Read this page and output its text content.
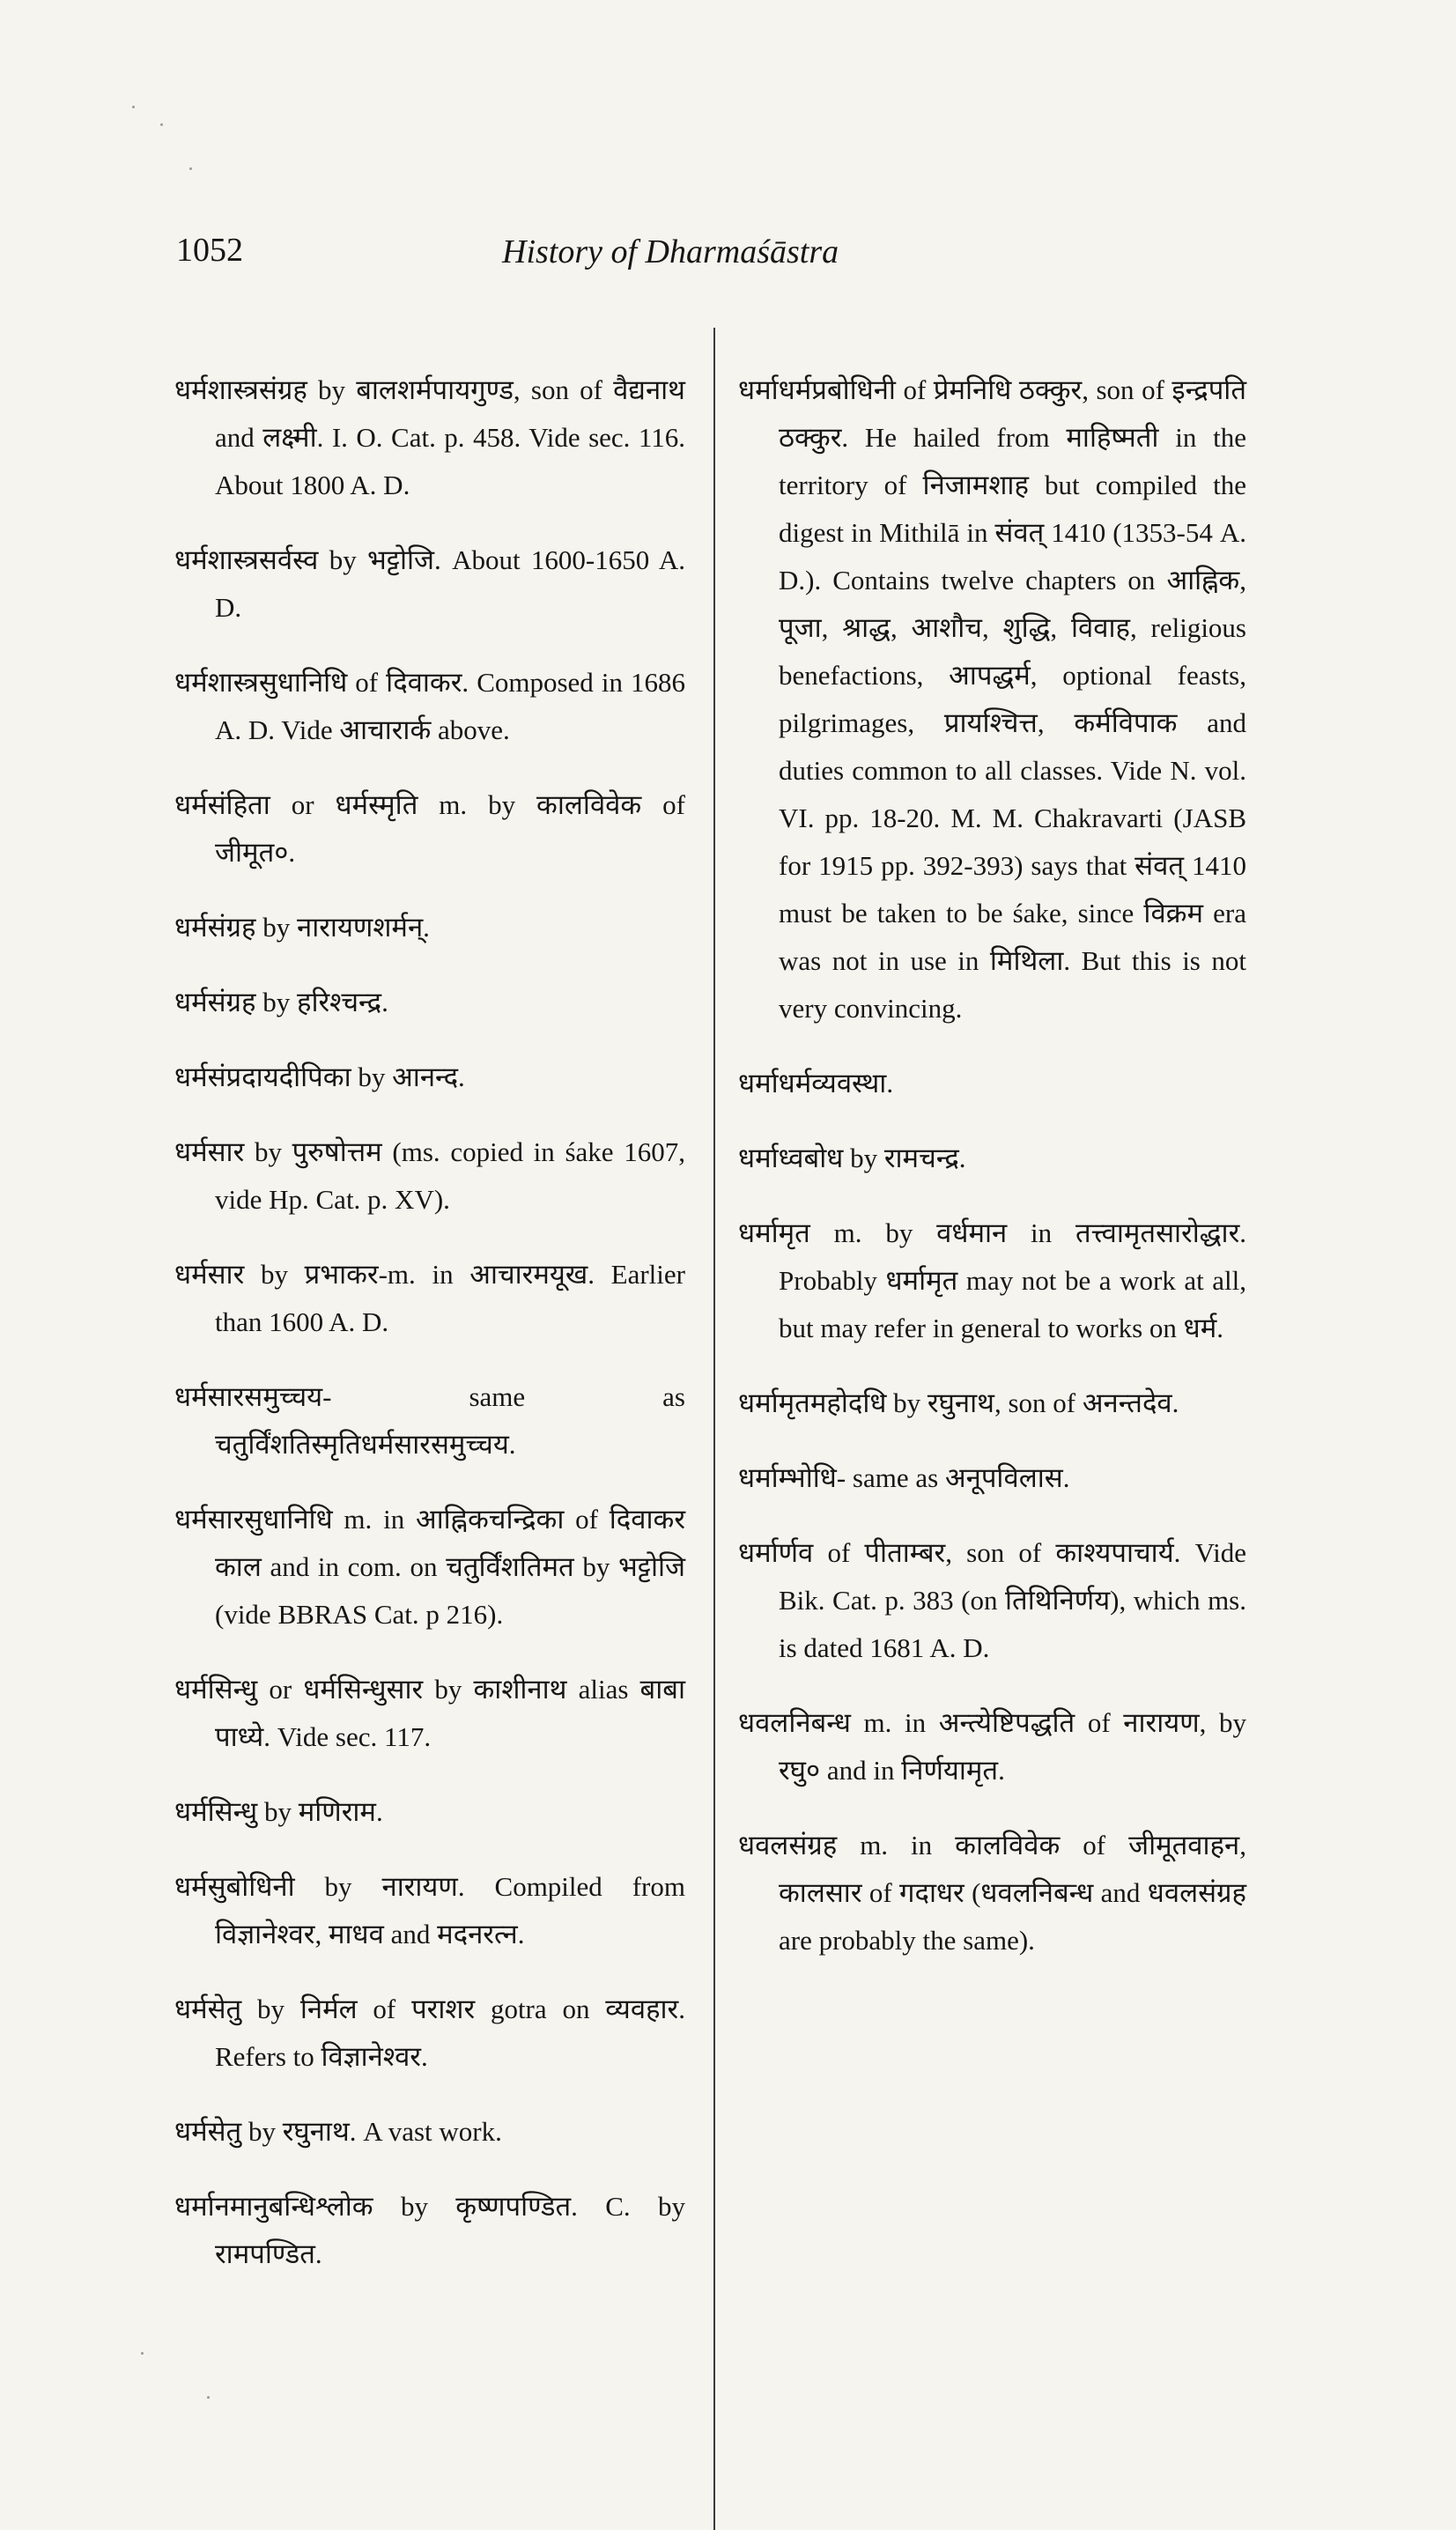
1052	History of Dharmaśāstra

धर्मशास्त्रसंग्रह by बालशर्मपायगुण्ड, son of वैद्यनाथ and लक्ष्मी. I. O. Cat. p. 458. Vide sec. 116. About 1800 A. D.

धर्मशास्त्रसर्वस्व by भट्टोजि. About 1600-1650 A. D.

धर्मशास्त्रसुधानिधि of दिवाकर. Composed in 1686 A. D. Vide आचारार्क above.

धर्मसंहिता or धर्मस्मृति m. by कालविवेक of जीमूत०.

धर्मसंग्रह by नारायणशर्मन्.

धर्मसंग्रह by हरिश्चन्द्र.

धर्मसंप्रदायदीपिका by आनन्द.

धर्मसार by पुरुषोत्तम (ms. copied in śake 1607, vide Hp. Cat. p. XV).

धर्मसार by प्रभाकर-m. in आचारमयूख. Earlier than 1600 A. D.

धर्मसारसमुच्चय- same as चतुर्विंशतिस्मृतिधर्मसारसमुच्चय.

धर्मसारसुधानिधि m. in आह्निकचन्द्रिका of दिवाकर काल and in com. on चतुर्विंशतिमत by भट्टोजि (vide BBRAS Cat. p 216).

धर्मसिन्धु or धर्मसिन्धुसार by काशीनाथ alias बाबा पाध्ये. Vide sec. 117.

धर्मसिन्धु by मणिराम.

धर्मसुबोधिनी by नारायण. Compiled from विज्ञानेश्वर, माधव and मदनरत्न.

धर्मसेतु by निर्मल of पराशर gotra on व्यवहार. Refers to विज्ञानेश्वर.

धर्मसेतु by रघुनाथ. A vast work.

धर्मानमानुबन्धिश्लोक by कृष्णपण्डित. C. by रामपण्डित.

धर्माधर्मप्रबोधिनी of प्रेमनिधि ठक्कुर, son of इन्द्रपति ठक्कुर. He hailed from माहिष्मती in the territory of निजामशाह but compiled the digest in Mithilā in संवत् 1410 (1353-54 A. D.). Contains twelve chapters on आह्निक, पूजा, श्राद्ध, आशौच, शुद्धि, विवाह, religious benefactions, आपद्धर्म, optional feasts, pilgrimages, प्रायश्चित्त, कर्मविपाक and duties common to all classes. Vide N. vol. VI. pp. 18-20. M. M. Chakravarti (JASB for 1915 pp. 392-393) says that संवत् 1410 must be taken to be śake, since विक्रम era was not in use in मिथिला. But this is not very convincing.

धर्माधर्मव्यवस्था.

धर्माध्वबोध by रामचन्द्र.

धर्मामृत m. by वर्धमान in तत्त्वामृतसारोद्धार. Probably धर्मामृत may not be a work at all, but may refer in general to works on धर्म.

धर्मामृतमहोदधि by रघुनाथ, son of अनन्तदेव.

धर्माम्भोधि- same as अनूपविलास.

धर्मार्णव of पीताम्बर, son of काश्यपाचार्य. Vide Bik. Cat. p. 383 (on तिथिनिर्णय), which ms. is dated 1681 A. D.

धवलनिबन्ध m. in अन्त्येष्टिपद्धति of नारायण, by रघु० and in निर्णयामृत.

धवलसंग्रह m. in कालविवेक of जीमूतवाहन, कालसार of गदाधर (धवलनिबन्ध and धवलसंग्रह are probably the same).
